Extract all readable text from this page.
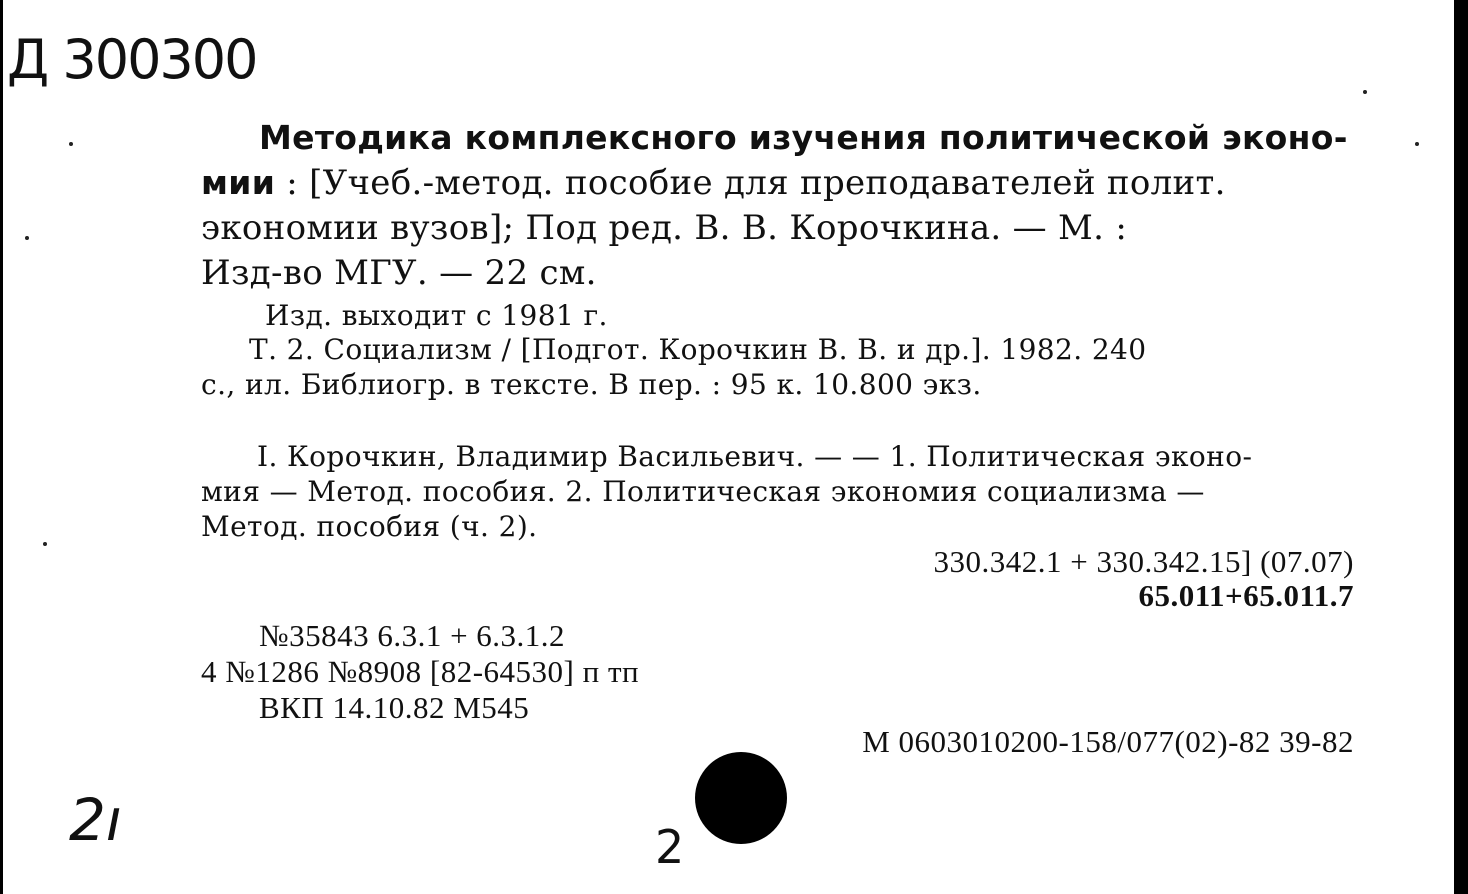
Д 300300
Методика комплексного изучения политической эконо-
мии : [Учеб.-метод. пособие для преподавателей полит.
экономии вузов]; Под ред. В. В. Корочкина. — М. :
Изд-во МГУ. — 22 см.
Изд. выходит с 1981 г.
Т. 2. Социализм / [Подгот. Корочкин В. В. и др.]. 1982. 240
с., ил. Библиогр. в тексте. В пер. : 95 к. 10.800 экз.
I. Корочкин, Владимир Васильевич. — — 1. Политическая эконо-
мия — Метод. пособия. 2. Политическая экономия социализма —
Метод. пособия (ч. 2).
330.342.1 + 330.342.15] (07.07)
65.011+65.011.7
№35843 6.3.1 + 6.3.1.2
4 №1286 №8908 [82-64530] п тп
ВКП 14.10.82 М545
М 0603010200-158/077(02)-82 39-82
2ı	2
